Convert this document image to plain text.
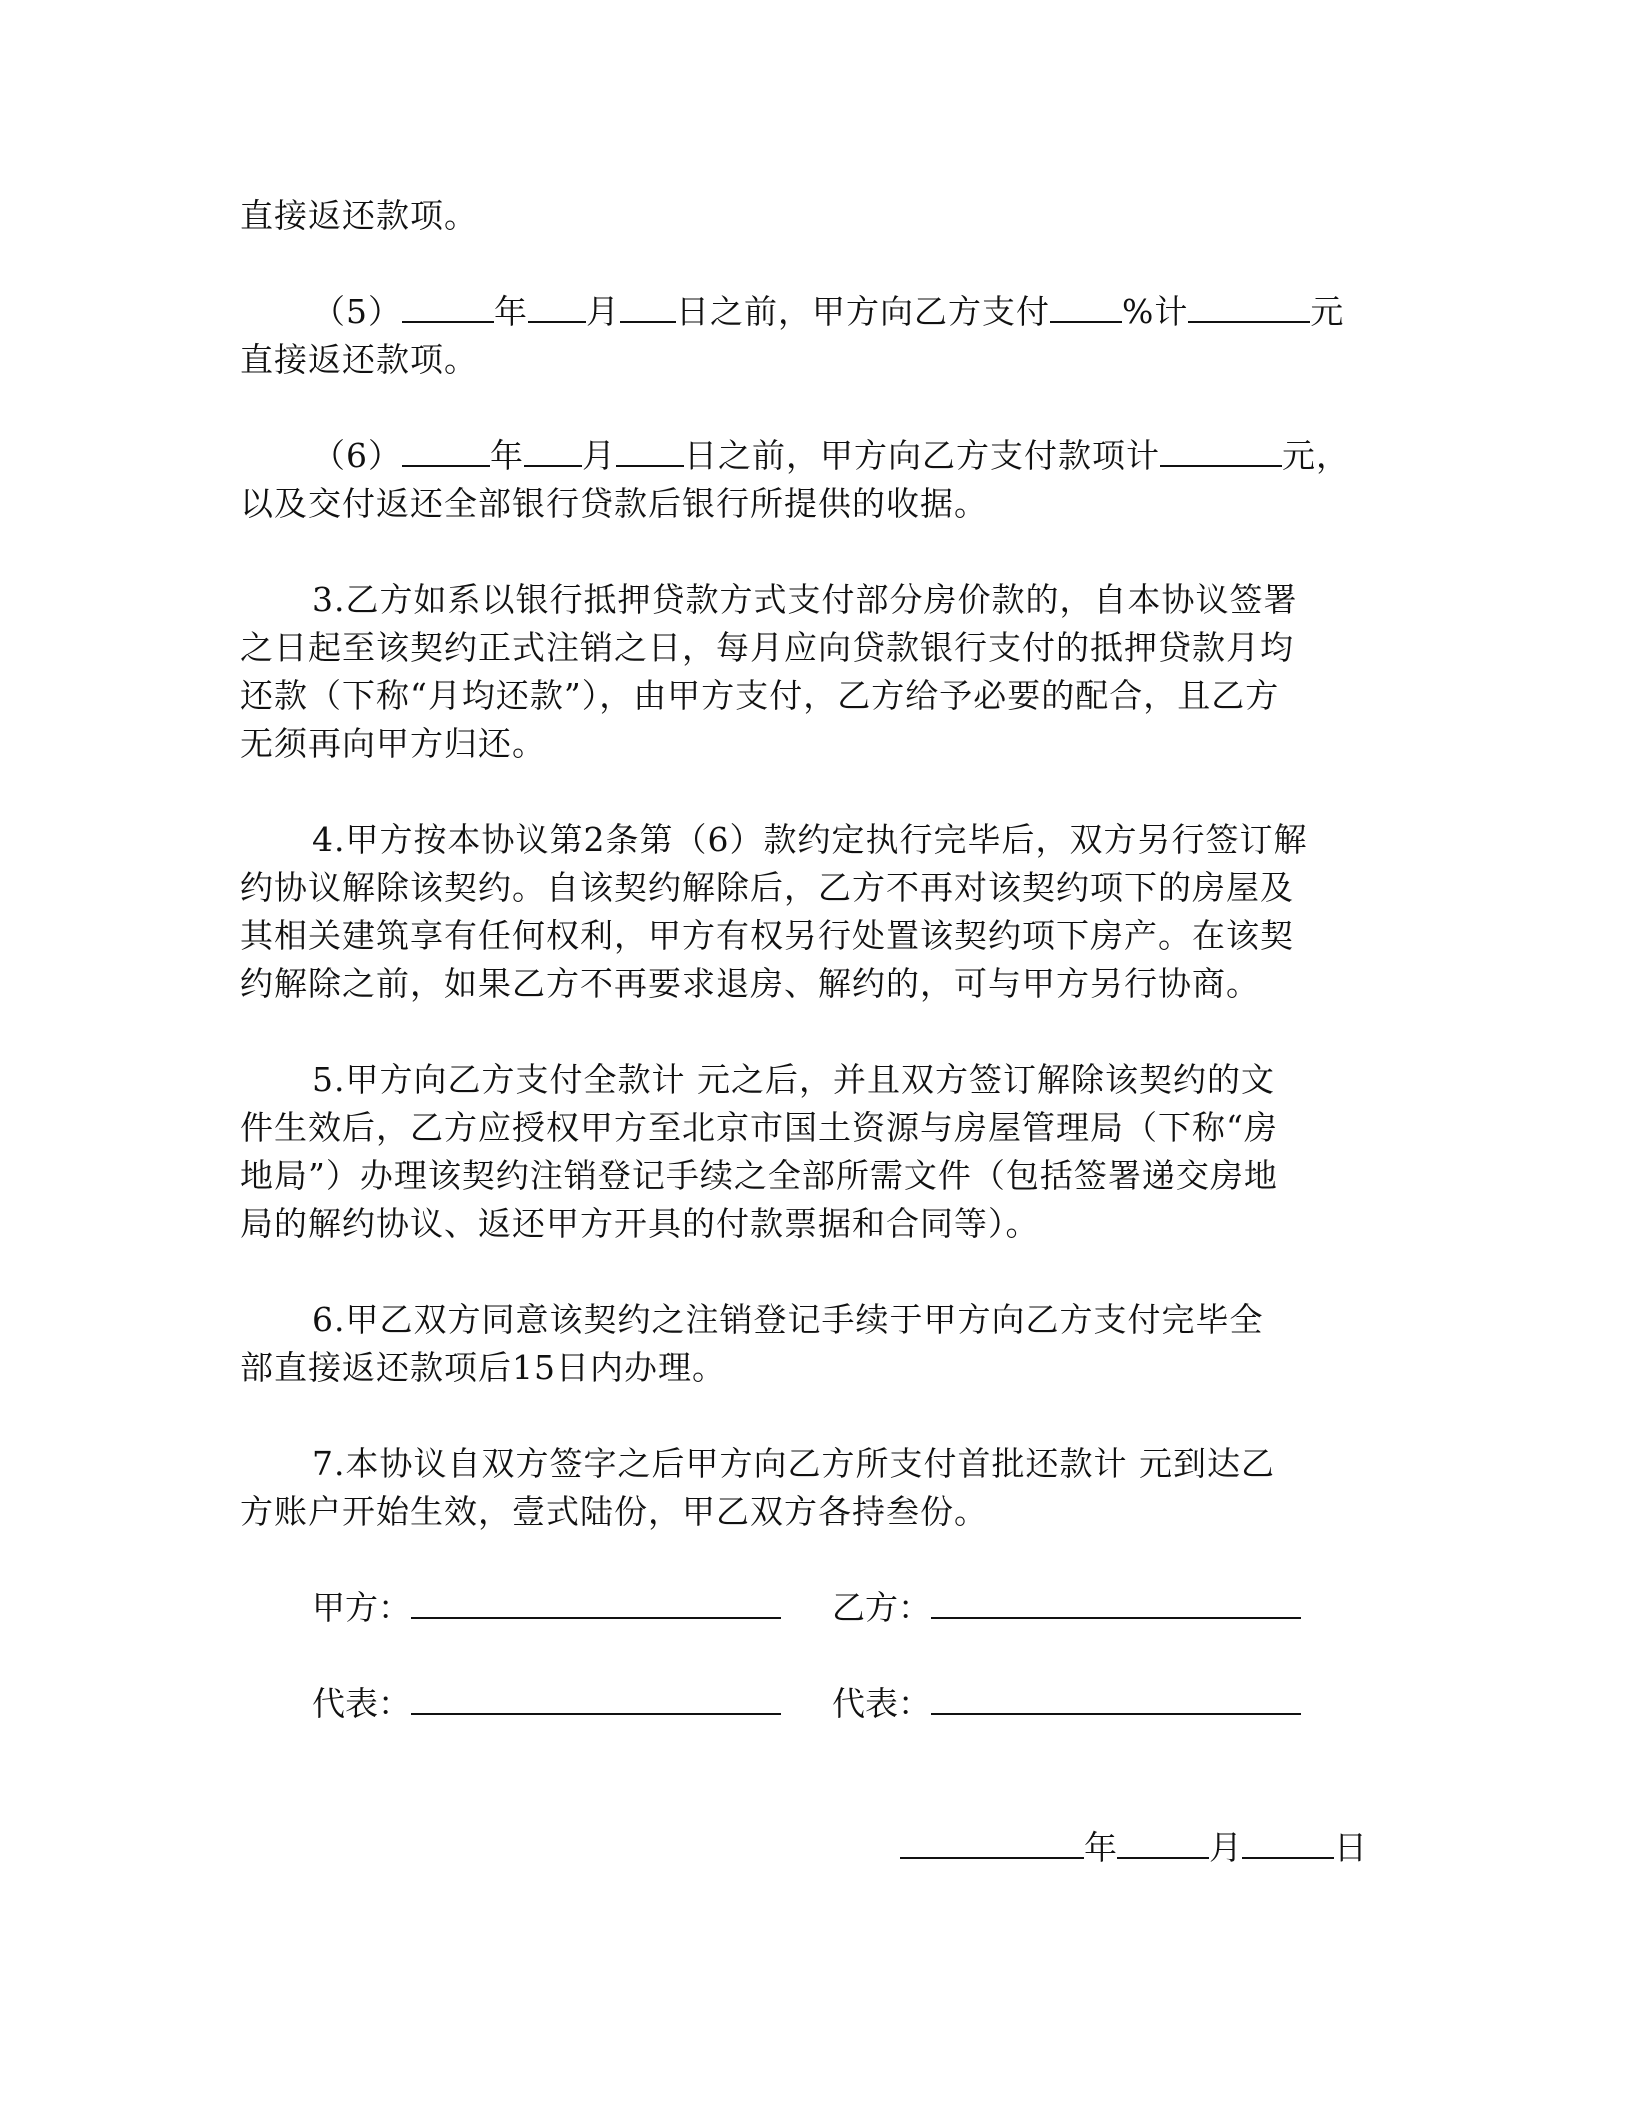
直接返还款项。
（5）	年 月 日之前，甲方向乙方支付 %计	元
直接返还款项。
（6）	年 月 日之前，甲方向乙方支付款项计	元，
以及交付返还全部银行贷款后银行所提供的收据。
3.乙方如系以银行抵押贷款方式支付部分房价款的，自本协议签署
之日起至该契约正式注销之日，每月应向贷款银行支付的抵押贷款月均
还款（下称“月均还款”），由甲方支付，乙方给予必要的配合，且乙方
无须再向甲方归还。
4.甲方按本协议第2条第（6）款约定执行完毕后，双方另行签订解
约协议解除该契约。自该契约解除后，乙方不再对该契约项下的房屋及
其相关建筑享有任何权利，甲方有权另行处置该契约项下房产。在该契
约解除之前，如果乙方不再要求退房、解约的，可与甲方另行协商。
5.甲方向乙方支付全款计 元之后，并且双方签订解除该契约的文
件生效后，乙方应授权甲方至北京市国土资源与房屋管理局（下称“房
地局”）办理该契约注销登记手续之全部所需文件（包括签署递交房地
局的解约协议、返还甲方开具的付款票据和合同等）。
6.甲乙双方同意该契约之注销登记手续于甲方向乙方支付完毕全
部直接返还款项后15日内办理。
7.本协议自双方签字之后甲方向乙方所支付首批还款计 元到达乙
方账户开始生效，壹式陆份，甲乙双方各持叁份。
甲方：	乙方：
代表：	代表：
年	月	日
